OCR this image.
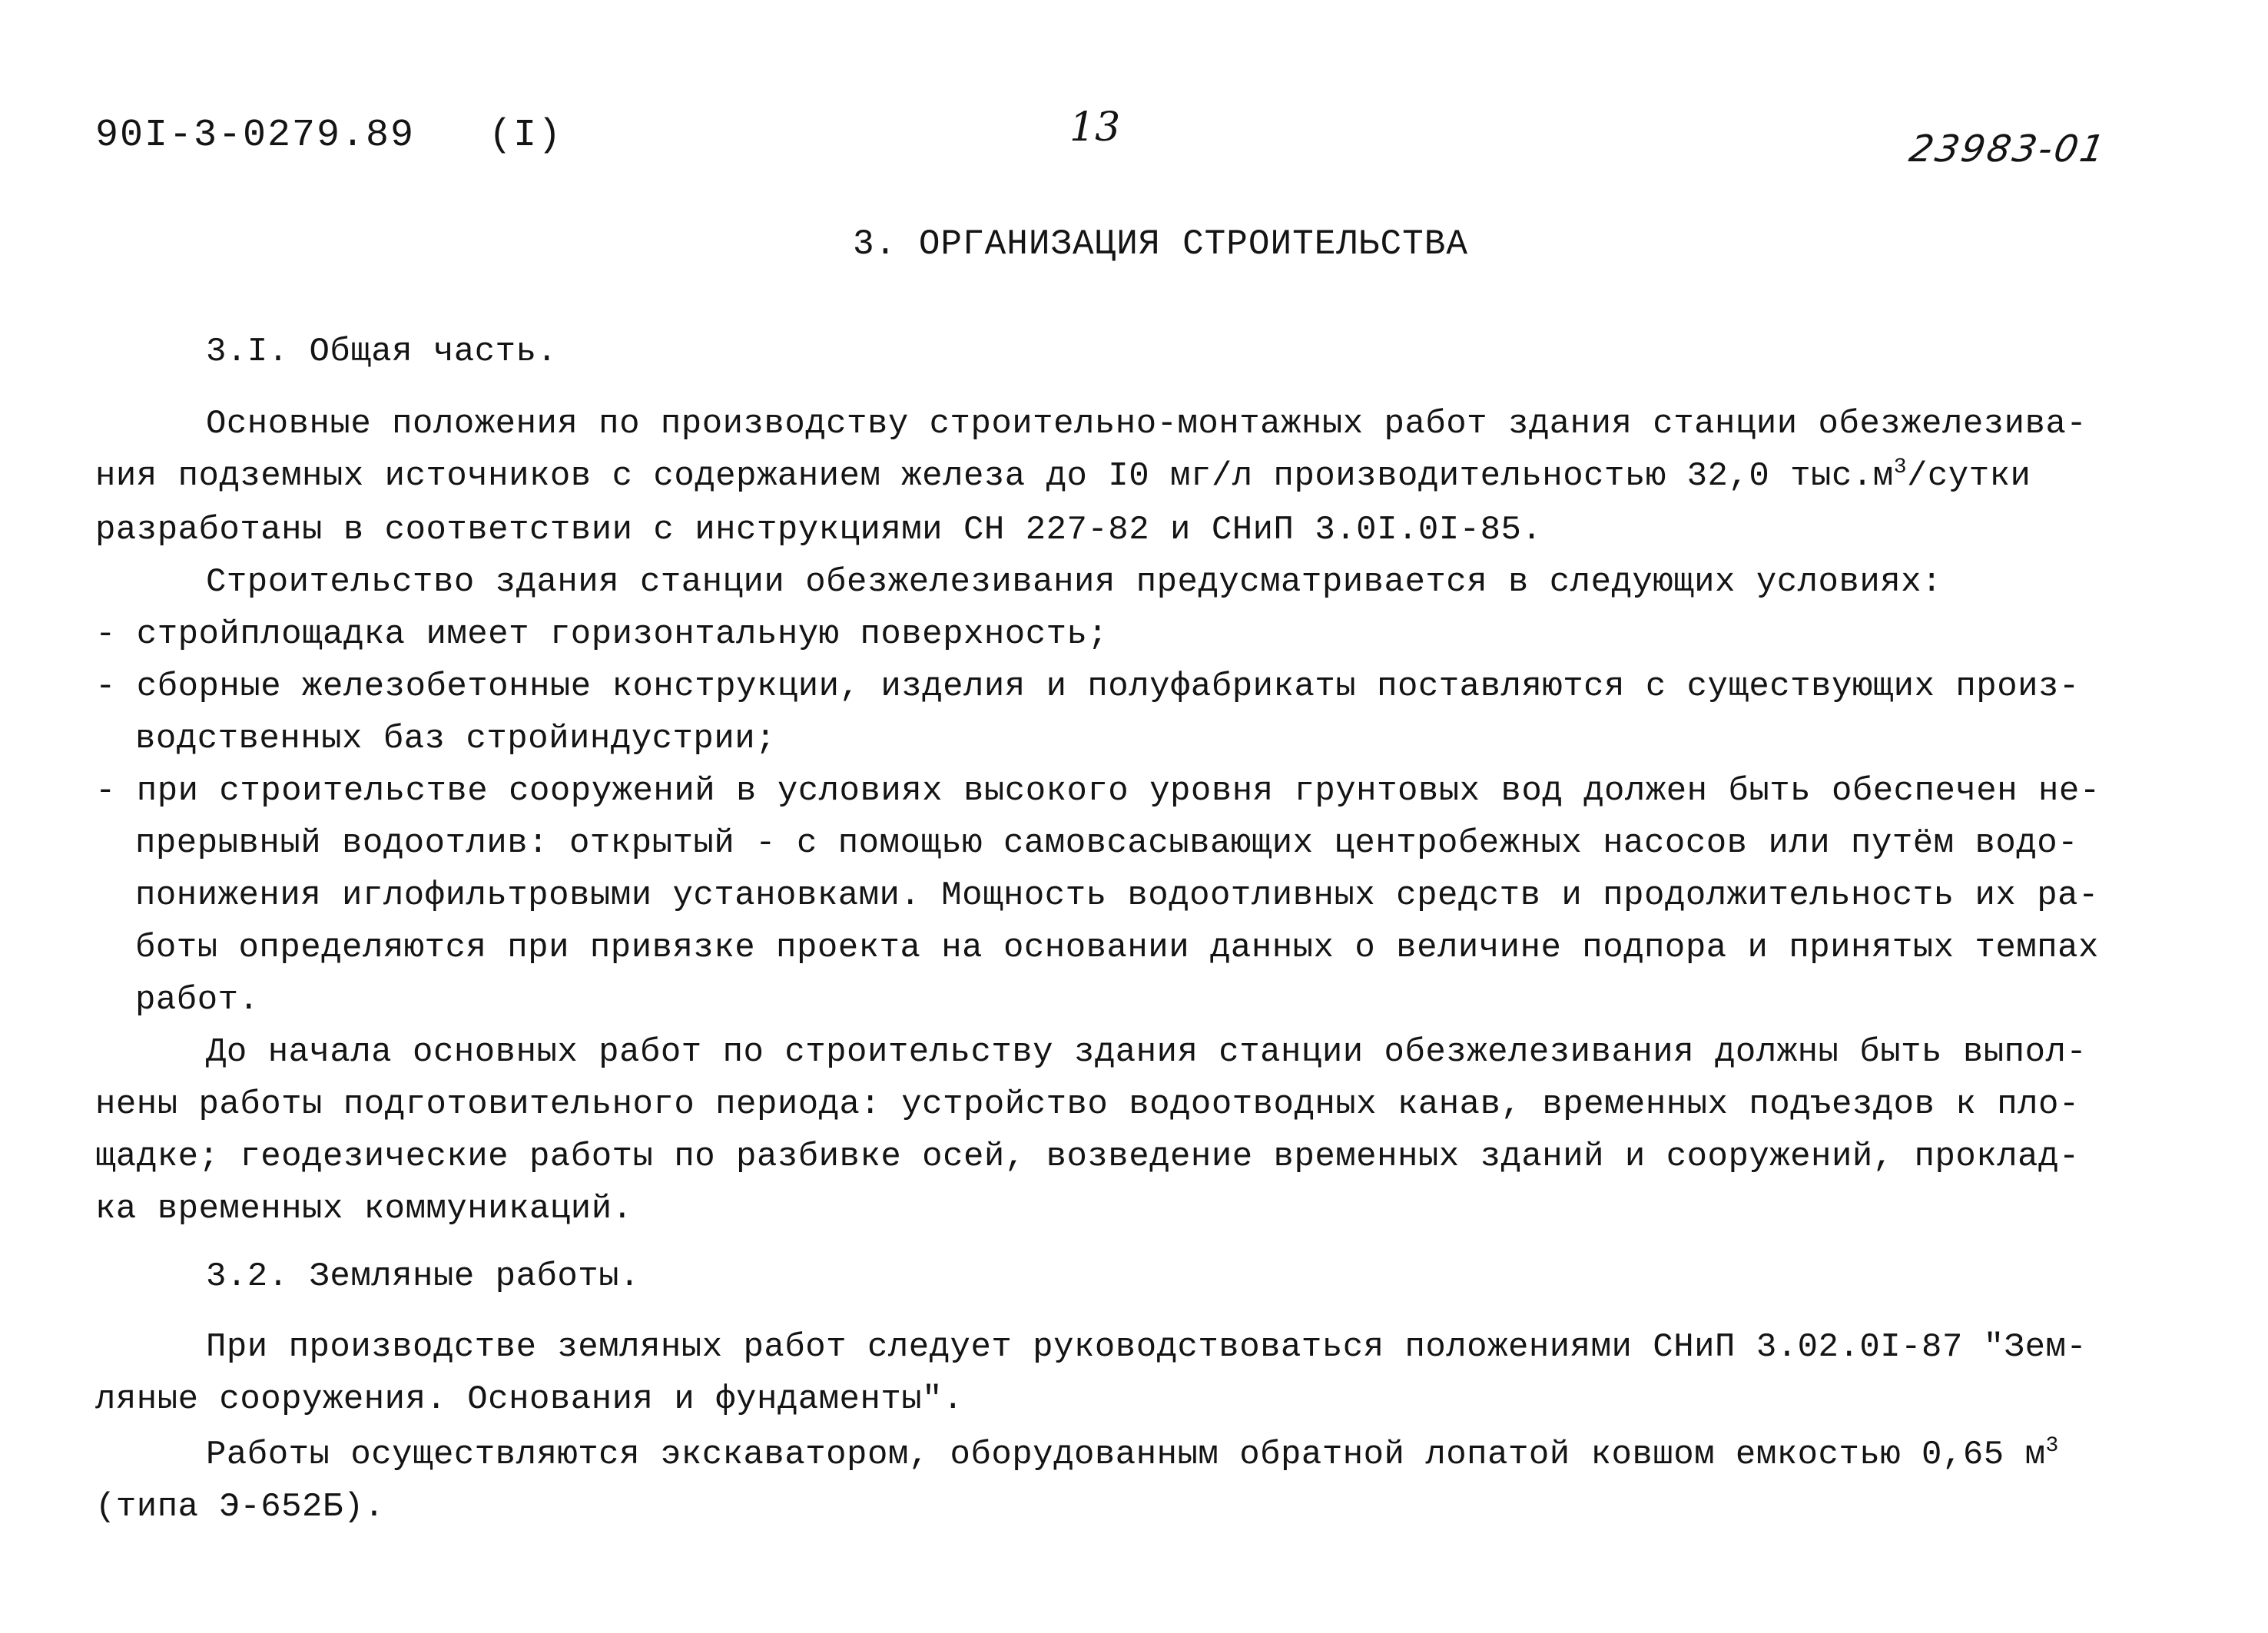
90I-3-0279.89 (I)	13	23983-01
3. ОРГАНИЗАЦИЯ СТРОИТЕЛЬСТВА
3.I. Общая часть.
Основные положения по производству строительно-монтажных работ здания станции обезжелезива-
ния подземных источников с содержанием железа до I0 мг/л производительностью 32,0 $тыс.м^3$/сутки
разработаны в соответствии с инструкциями СН 227-82 и СНиП 3.0I.0I-85.
Строительство здания станции обезжелезивания предусматривается в следующих условиях:
- стройплощадка имеет горизонтальную поверхность;
- сборные железобетонные конструкции, изделия и полуфабрикаты поставляются с существующих произ-
водственных баз стройиндустрии;
- при строительстве сооружений в условиях высокого уровня грунтовых вод должен быть обеспечен не-
прерывный водоотлив: открытый - с помощью самовсасывающих центробежных насосов или путём водо-
понижения иглофильтровыми установками. Мощность водоотливных средств и продолжительность их ра-
боты определяются при привязке проекта на основании данных о величине подпора и принятых темпах
работ.
До начала основных работ по строительству здания станции обезжелезивания должны быть выпол-
нены работы подготовительного периода: устройство водоотводных канав, временных подъездов к пло-
щадке; геодезические работы по разбивке осей, возведение временных зданий и сооружений, проклад-
ка временных коммуникаций.
3.2. Земляные работы.
При производстве земляных работ следует руководствоваться положениями СНиП 3.02.0I-87 "Зем-
ляные сооружения. Основания и фундаменты".
Работы осуществляются экскаватором, оборудованным обратной лопатой ковшом емкостью 0,65 $м^3$
(типа Э-652Б).
